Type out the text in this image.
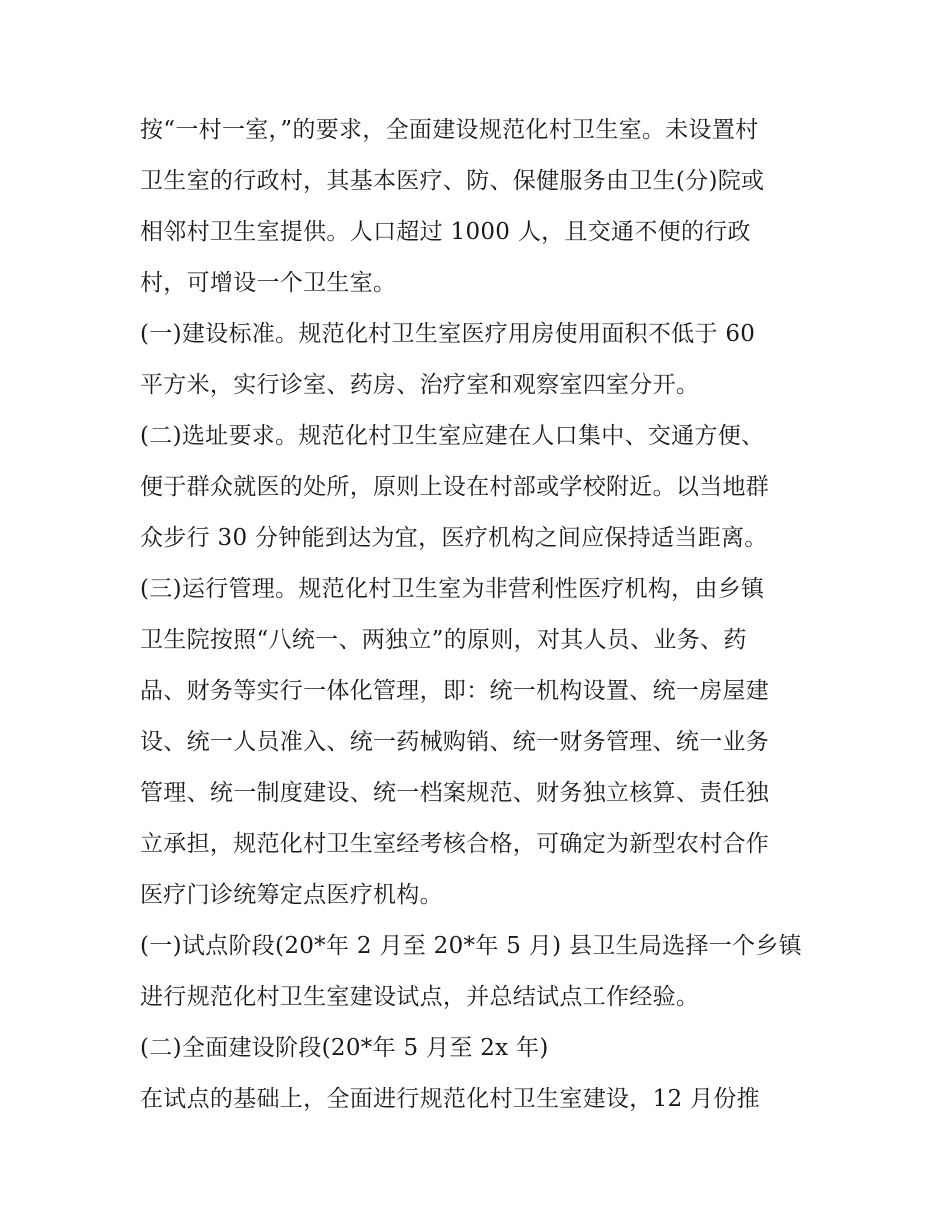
按“一村一室，”的要求，全面建设规范化村卫生室。未设置村
卫生室的行政村，其基本医疗、防、保健服务由卫生(分)院或
相邻村卫生室提供。人口超过 1000 人，且交通不便的行政
村，可增设一个卫生室。
(一)建设标准。规范化村卫生室医疗用房使用面积不低于 60
平方米，实行诊室、药房、治疗室和观察室四室分开。
(二)选址要求。规范化村卫生室应建在人口集中、交通方便、
便于群众就医的处所，原则上设在村部或学校附近。以当地群
众步行 30 分钟能到达为宜，医疗机构之间应保持适当距离。
(三)运行管理。规范化村卫生室为非营利性医疗机构，由乡镇
卫生院按照“八统一、两独立”的原则，对其人员、业务、药
品、财务等实行一体化管理，即：统一机构设置、统一房屋建
设、统一人员准入、统一药械购销、统一财务管理、统一业务
管理、统一制度建设、统一档案规范、财务独立核算、责任独
立承担，规范化村卫生室经考核合格，可确定为新型农村合作
医疗门诊统筹定点医疗机构。
(一)试点阶段(20*年 2 月至 20*年 5 月) 县卫生局选择一个乡镇
进行规范化村卫生室建设试点，并总结试点工作经验。
(二)全面建设阶段(20*年 5 月至 2x 年)
在试点的基础上，全面进行规范化村卫生室建设，12 月份推
